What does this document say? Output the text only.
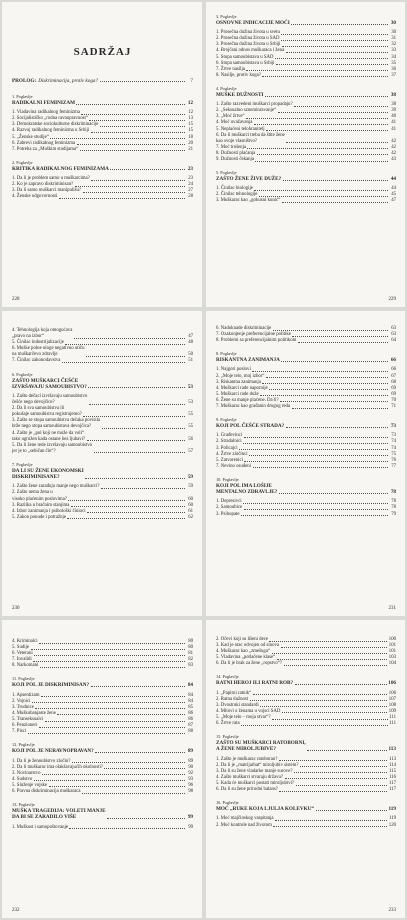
SADRŽAJ
PROLOG: Diskriminacija, protiv koga?	7
1. Poglavlje
RADIKALNI FEMINIZAM	12
1. Vladavina radikalnog feminizma	12
2. Socijalističko „rodna ravnopravnost“	13
3. Demokratske sociokulturne diskriminacije	15
4. Razvoj radikalnog feminizma u Srbiji	15
5. „Ženske studije“	18
6. Zabrevi radikalnog feminizma	20
7. Potreba za „Muškim studijama“	21
2. Poglavlje
KRITIKA RADIKALNOG FEMINIZAMA	23
1. Da li je problem samo u muškarcima?	23
2. Ko je zapravo diskriminisan?	24
3. Da li samo muškarci manipulišu?	27
4. Ženske odgovornosti	28
228
3. Poglavlje
OSNOVNE INDICACIJE MOĆI	30
1. Prosečna dužina života u svetu	30
2. Prosečna dužina života u SAD	31
3. Prosečna dužina života u Srbiji	32
4. Brojčani odnos muškaraca i žena	33
5. Stopa samoubistava u SAD	34
6. Stopa samoubistava u Srbiji	35
7. Žrtve nasilja	36
8. Nasilje, protiv koga?	37
4. Poglavlje
MUŠKE DUŽNOSTI	38
1. Zašto razvedeni muškarci propadaju?	38
2. „Seksualno szneminravanje“	39
3. „Moć žrtve“	40
4. Moć uvažavanja	41
5. Neplaćeni telohranitelj	41
6. Da li muškarci treba da štite žene
kao svoje vlasništvo?	42
7. Moć trošenja	42
8. Dužnosti plaćanja	42
9. Dužnosti čekanja	43
5. Poglavlje
ZAŠTO ŽENE ŽIVE DUŽE?	44
1. Činilac biologije	44
2. Činilac tehnologije	45
3. Muškarac kao „gokusni kunić“	47
229
4. Tehnologija koja omogućava
„pravo na izbor“	47
5. Činilac industrijalizacije	48
6. Muške polne uloge negativno utiču
na muškarčevo zdravlje	50
7. Činilac zakonodavstva	51
6. Poglavlje
ZAŠTO MUŠKARCI ČEŠĆE
IZVRŠAVAJU SAMOUBISTVO?	53
1. Zašto dečaci izvršavaju samoubistvo
češće nego devojčice?	53
2. Da li sva samoubistva ili
pokušaje samoubistva registrujemo?	55
3. Zašto se stopa samoubistva dečaka povisila
brže nego stopa samoubistava devojčica?	55
4. Zašto je „pol koji ne može da voli“
tako ugrožen kada ostane bez ljubavi?	56
5. Da li žene rede izvršavaju samoubistvo
jer je to „sebičan čin“?	57
7. Poglavlje
DA LI SU ŽENE EKONOMSKI
DISKRIMINISANE?	59
1. Zašto žene zarađuju manje nego muškarci?	59
2. Zašto nema žena u
visoko plaćenim poslovima?	60
3. Razlika u bračnim stanjima	60
4. Izbor zanimanja i psihološki činioci	61
5. Zakon ponude i potražnje	62
230
6. Nadoknade diskriminacije	63
7. Ozakonjenje preferencijalne politike	63
8. Problemi sa preferencijalnim politikom	64
8. Poglavlje
RISKANTNA ZANIMANJA	66
1. Najgori poslovi	66
2. „Moje telo, moj izbor“	67
3. Riskantna zanimanja	68
4. Muškarci rade napornije	69
5. Muškarci rade duže	69
6. Žene su manje plaćene. Da li?	70
7. Muškarac kao građanin drugog reda	71
9. Poglavlje
KOJI POL ČEŠĆE STRADA?	73
1. Građevinci	73
2. Stradalnici	74
3. Policajci	74
4. Žrtve zločinci	75
5. Zatvorenici	76
7. Nevino osuđeni	77
10. Poglavlje
KOJI POL IMA LOŠIJE
MENTALNO ZDRAVLJE?	78
1. Depresivci	78
2. Samoubice	78
3. Psihopate	79
231
4. Kriminalci	80
5. Sudije	80
6. Veterani	81
7. Invalidi	82
8. Narkomani	83
11. Poglavlje
KOJI POL JE DISKRIMINISAN?	84
1. Apsentizam	84
2. Vojnici	84
3. Trudnice	85
4. Muškobanjaste žene	86
5. Transeksualci	86
6. Penzioneri	87
7. Pisci	88
12. Poglavlje
KOJI POL JE NERAVNOPRAVAN?	89
1. Da li je ženoubistvo zločin?	89
2. Da li muškarac ima olakšavajućih okolnosti?	90
3. Novinarstvo	92
4. Sudstvo	93
5. Služenje vojske	96
6. Pravna diskriminacija muškaraca	98
13. Poglavlje
MUŠKA TRAGEDIJA: VOLETI MANJE
DA BI SE ZARADILO VIŠE	99
1. Muškost i samopoštovanje	99
232
2. Očevi koji su lišeni dece	100
3. Kad je otac odvojen od sinova	101
4. Muškarac kao „zmešuga“	101
5. Vladavina „potlačene klase“	103
6. Da li je brak za žene „ropstvo“?	104
14. Poglavlje
RATNI HEROJ ILI RATNI ROB?	106
1. „Papirni ratnik“	106
2. Ratna dužnost	107
3. Dvostruki standardi	108
4. Mitovi o ženama u vojsci SAD	109
5. „Moje telo – moja stvar“?	111
6. Žrtve rata	111
15. Poglavlje
ZAŠTO SU MUŠKARCI RATOBORNI,
A ŽENE MIROLJUBIVE?	113
1. Zašto je muškarac ratoboran?	113
2. Da li je „matrijarhat“ miroljubiv sistem?	114
3. Da li su žene vladarke manje surove?	115
4. Zašto muškarci stvaraju državu?	116
5. Kada će muškarci postati miroljubivi?	117
6. Da li su žene prirodni balans?	117
16. Poglavlje
MOĆ „RUKE KOJA LJULJA KOLEVKU“	119
1. Moć majčinskog vaspitanja	119
2. Moć kontrole nad životom	120
233
